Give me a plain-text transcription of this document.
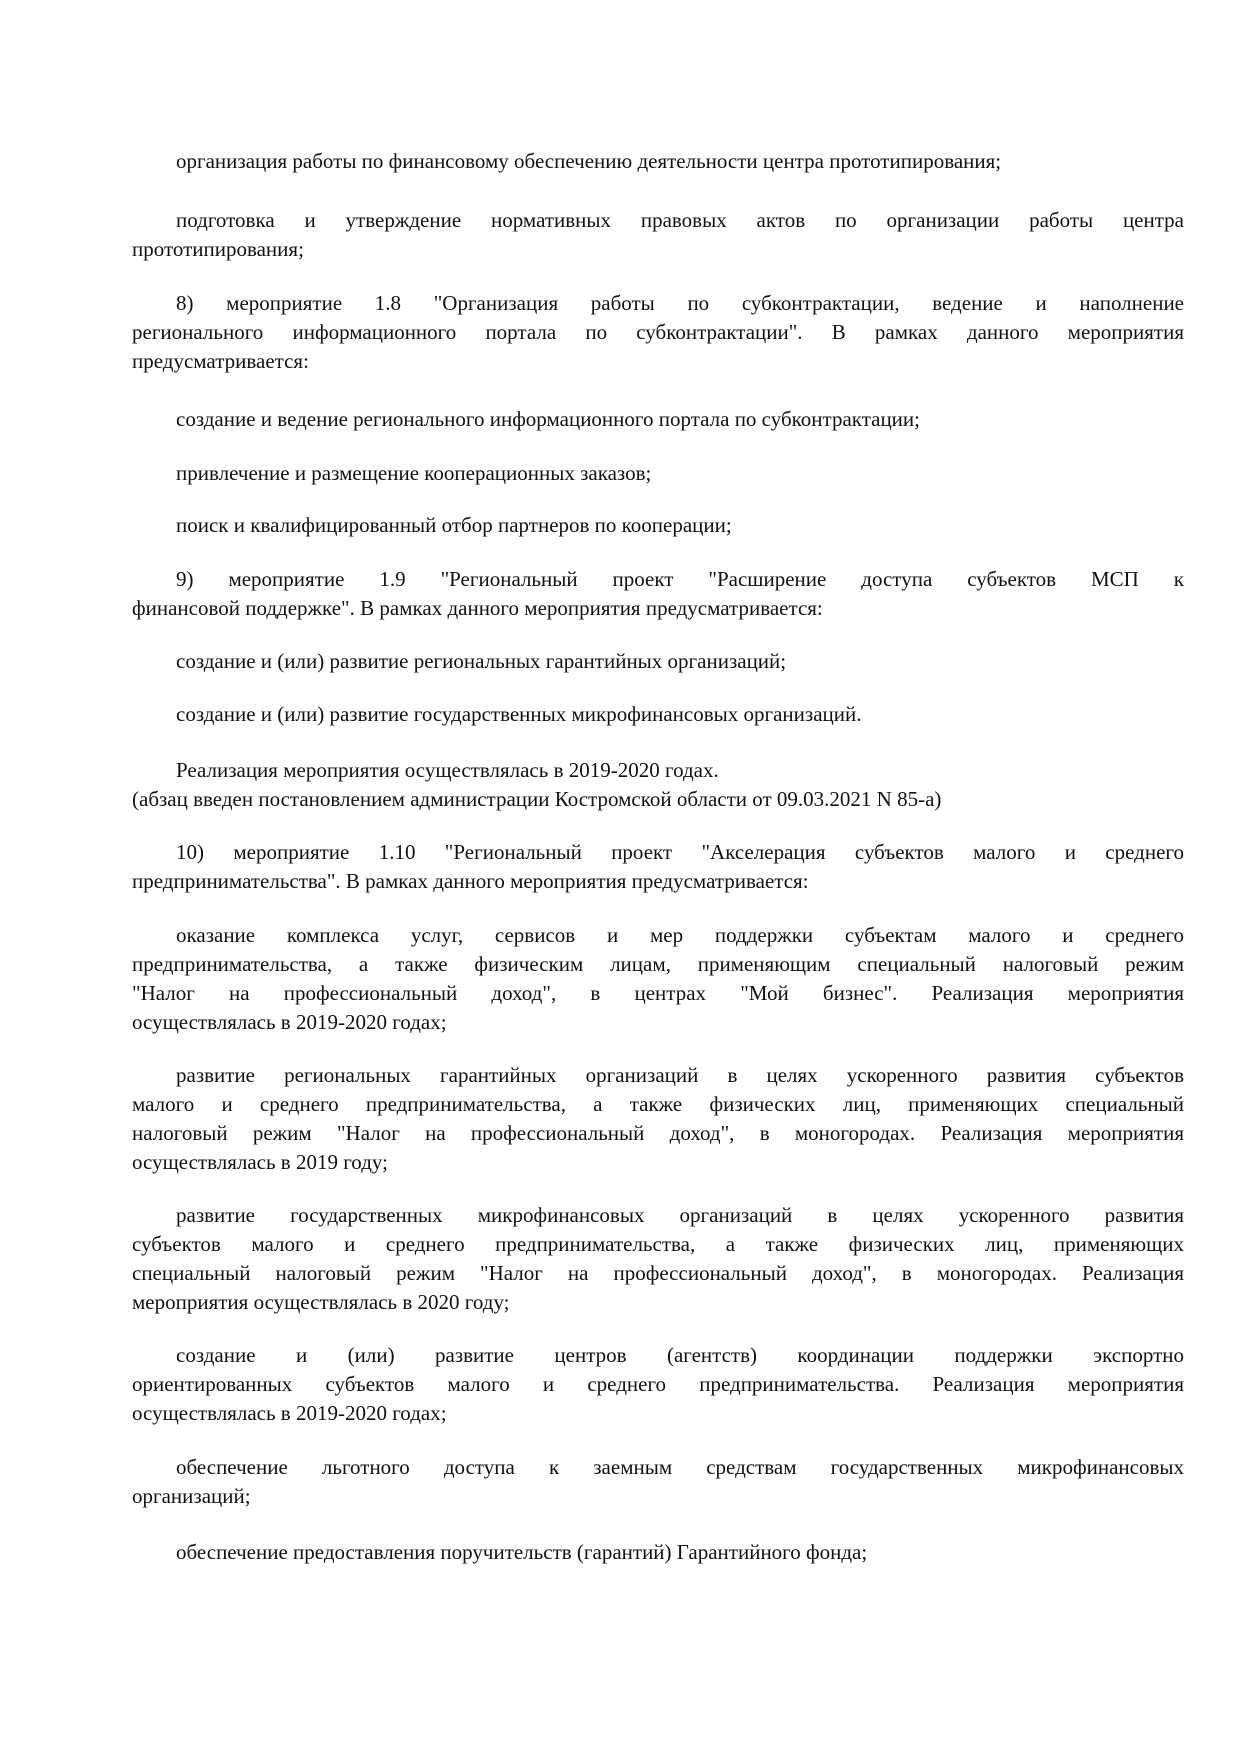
организация работы по финансовому обеспечению деятельности центра прототипирования;
подготовка и утверждение нормативных правовых актов по организации работы центра
прототипирования;
8) мероприятие 1.8 "Организация работы по субконтрактации, ведение и наполнение
регионального информационного портала по субконтрактации". В рамках данного мероприятия
предусматривается:
создание и ведение регионального информационного портала по субконтрактации;
привлечение и размещение кооперационных заказов;
поиск и квалифицированный отбор партнеров по кооперации;
9) мероприятие 1.9 "Региональный проект "Расширение доступа субъектов МСП к
финансовой поддержке". В рамках данного мероприятия предусматривается:
создание и (или) развитие региональных гарантийных организаций;
создание и (или) развитие государственных микрофинансовых организаций.
Реализация мероприятия осуществлялась в 2019-2020 годах.
(абзац введен постановлением администрации Костромской области от 09.03.2021 N 85-а)
10) мероприятие 1.10 "Региональный проект "Акселерация субъектов малого и среднего
предпринимательства". В рамках данного мероприятия предусматривается:
оказание комплекса услуг, сервисов и мер поддержки субъектам малого и среднего
предпринимательства, а также физическим лицам, применяющим специальный налоговый режим
"Налог на профессиональный доход", в центрах "Мой бизнес". Реализация мероприятия
осуществлялась в 2019-2020 годах;
развитие региональных гарантийных организаций в целях ускоренного развития субъектов
малого и среднего предпринимательства, а также физических лиц, применяющих специальный
налоговый режим "Налог на профессиональный доход", в моногородах. Реализация мероприятия
осуществлялась в 2019 году;
развитие государственных микрофинансовых организаций в целях ускоренного развития
субъектов малого и среднего предпринимательства, а также физических лиц, применяющих
специальный налоговый режим "Налог на профессиональный доход", в моногородах. Реализация
мероприятия осуществлялась в 2020 году;
создание и (или) развитие центров (агентств) координации поддержки экспортно
ориентированных субъектов малого и среднего предпринимательства. Реализация мероприятия
осуществлялась в 2019-2020 годах;
обеспечение льготного доступа к заемным средствам государственных микрофинансовых
организаций;
обеспечение предоставления поручительств (гарантий) Гарантийного фонда;
